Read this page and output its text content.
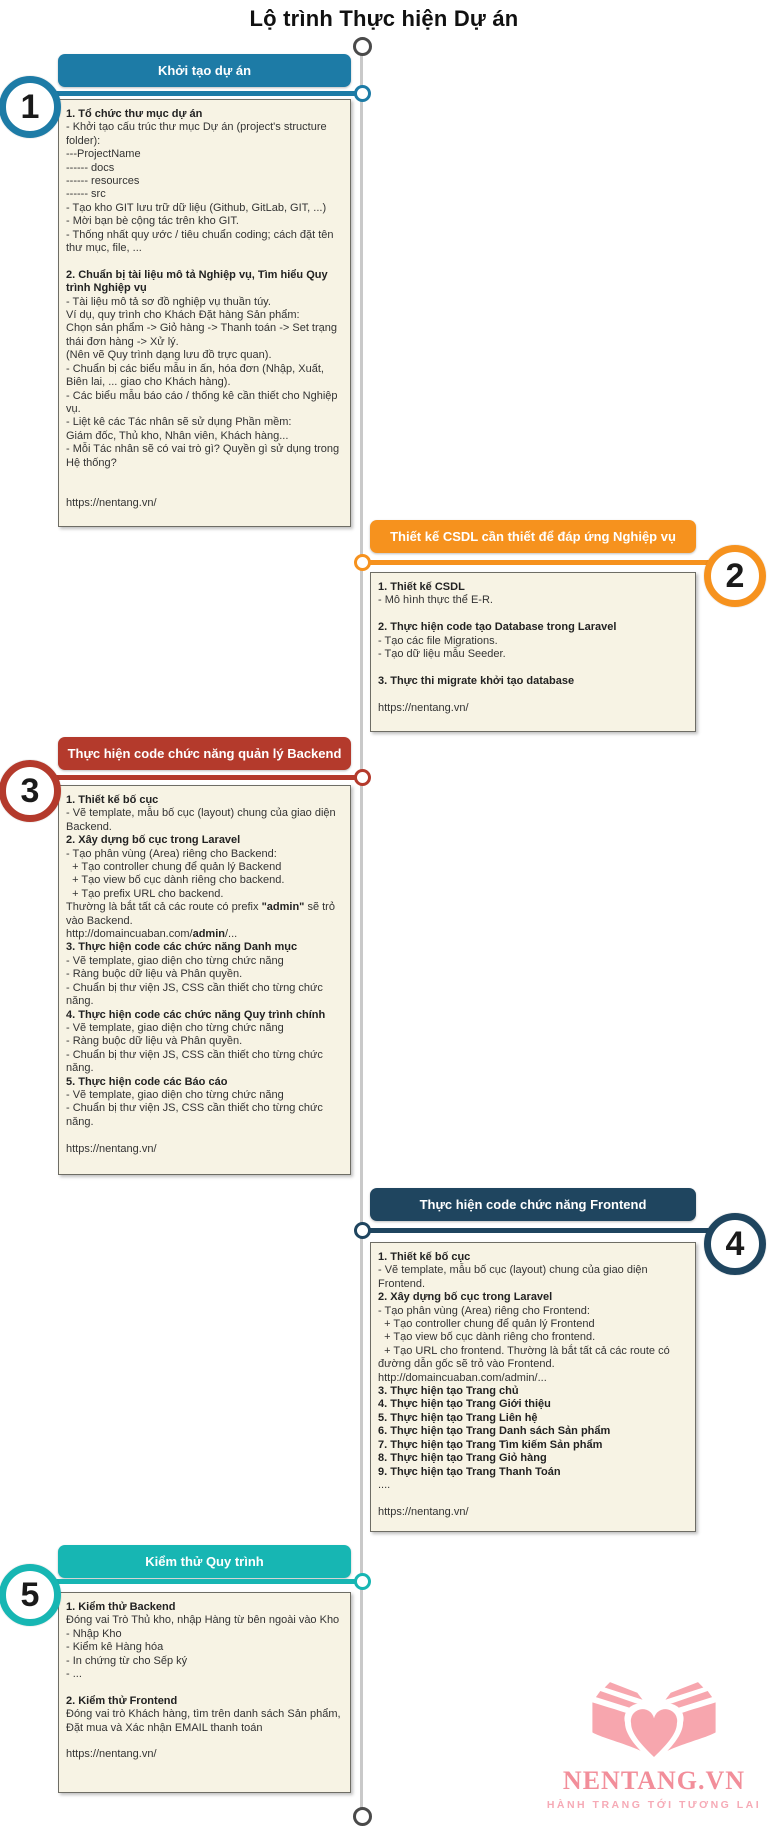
Lộ trình Thực hiện Dự án
Khởi tạo dự án
1	1. Tổ chức thư mục dự án
- Khởi tạo cấu trúc thư mục Dự án (project's structure folder):
---ProjectName
------ docs
------ resources
------ src
- Tạo kho GIT lưu trữ dữ liệu (Github, GitLab, GIT, ...)
- Mời bạn bè cộng tác trên kho GIT.
- Thống nhất quy ước / tiêu chuẩn coding; cách đặt tên thư mục, file, ...
2. Chuẩn bị tài liệu mô tả Nghiệp vụ, Tìm hiểu Quy trình Nghiệp vụ
- Tài liệu mô tả sơ đồ nghiệp vụ thuần túy.
Ví dụ, quy trình cho Khách Đặt hàng Sản phẩm:
Chọn sản phẩm -> Giỏ hàng -> Thanh toán -> Set trạng thái đơn hàng -> Xử lý.
(Nên vẽ Quy trình dạng lưu đồ trực quan).
- Chuẩn bị các biểu mẫu in ấn, hóa đơn (Nhập, Xuất, Biên lai, ... giao cho Khách hàng).
- Các biểu mẫu báo cáo / thống kê cần thiết cho Nghiệp vụ.
- Liệt kê các Tác nhân sẽ sử dụng Phần mềm:
Giám đốc, Thủ kho, Nhân viên, Khách hàng...
- Mỗi Tác nhân sẽ có vai trò gì? Quyền gì sử dụng trong Hệ thống?
https://nentang.vn/
Thiết kế CSDL cần thiết để đáp ứng Nghiệp vụ
2
1. Thiết kế CSDL
- Mô hình thực thể E-R.
2. Thực hiện code tạo Database trong Laravel
- Tạo các file Migrations.
- Tạo dữ liệu mẫu Seeder.
3. Thực thi migrate khởi tạo database
https://nentang.vn/
Thực hiện code chức năng quản lý Backend
3	1. Thiết kế bố cục
- Vẽ template, mẫu bố cục (layout) chung của giao diện Backend.
2. Xây dựng bố cục trong Laravel
- Tạo phân vùng (Area) riêng cho Backend:
+ Tạo controller chung để quản lý Backend
+ Tạo view bố cục dành riêng cho backend.
+ Tạo prefix URL cho backend.
Thường là bắt tất cả các route có prefix "admin" sẽ trỏ vào Backend.
http://domaincuaban.com/admin/...
3. Thực hiện code các chức năng Danh mục
- Vẽ template, giao diện cho từng chức năng
- Ràng buộc dữ liệu và Phân quyền.
- Chuẩn bị thư viện JS, CSS cần thiết cho từng chức năng.
4. Thực hiện code các chức năng Quy trình chính
- Vẽ template, giao diện cho từng chức năng
- Ràng buộc dữ liệu và Phân quyền.
- Chuẩn bị thư viện JS, CSS cần thiết cho từng chức năng.
5. Thực hiện code các Báo cáo
- Vẽ template, giao diện cho từng chức năng
- Chuẩn bị thư viện JS, CSS cần thiết cho từng chức năng.
https://nentang.vn/
Thực hiện code chức năng Frontend
4
1. Thiết kế bố cục
- Vẽ template, mẫu bố cục (layout) chung của giao diện Frontend.
2. Xây dựng bố cục trong Laravel
- Tạo phân vùng (Area) riêng cho Frontend:
+ Tạo controller chung để quản lý Frontend
+ Tạo view bố cục dành riêng cho frontend.
+ Tạo URL cho frontend. Thường là bắt tất cả các route có đường dẫn gốc sẽ trỏ vào Frontend.
http://domaincuaban.com/admin/...
3. Thực hiện tạo Trang chủ
4. Thực hiện tạo Trang Giới thiệu
5. Thực hiện tạo Trang Liên hệ
6. Thực hiện tạo Trang Danh sách Sản phẩm
7. Thực hiện tạo Trang Tìm kiếm Sản phẩm
8. Thực hiện tạo Trang Giỏ hàng
9. Thực hiện tạo Trang Thanh Toán
....
https://nentang.vn/
Kiểm thử Quy trình
5	1. Kiểm thử Backend
Đóng vai Trò Thủ kho, nhập Hàng từ bên ngoài vào Kho
- Nhập Kho
- Kiểm kê Hàng hóa
- In chứng từ cho Sếp ký
- ...
2. Kiểm thử Frontend
Đóng vai trò Khách hàng, tìm trên danh sách Sản phẩm, Đặt mua và Xác nhận EMAIL thanh toán
https://nentang.vn/
NENTANG.VN
HÀNH TRANG TỚI TƯƠNG LAI
